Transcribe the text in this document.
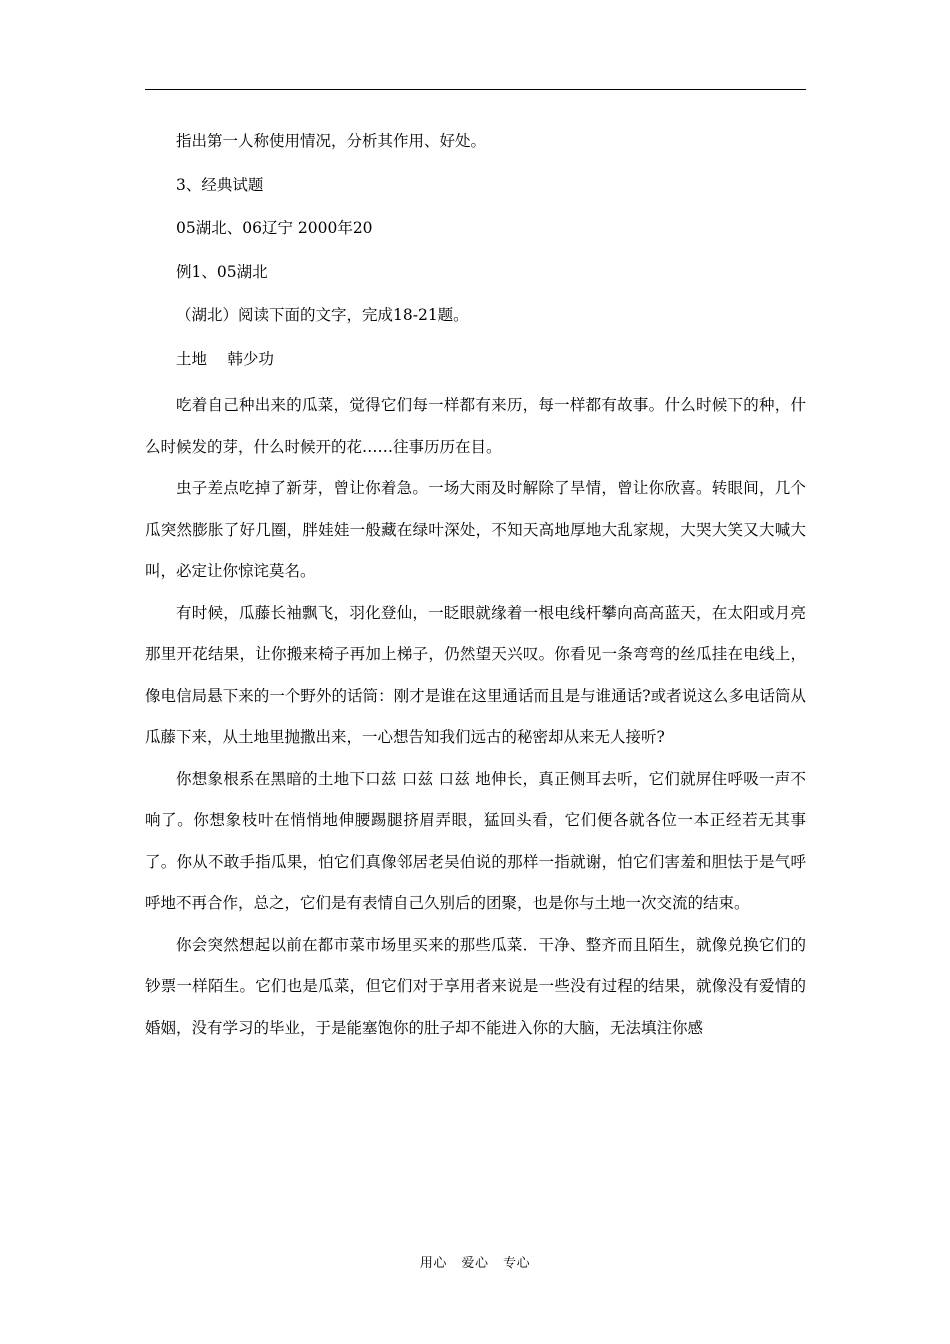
指出第一人称使用情况，分析其作用、好处。

3、经典试题

05湖北、06辽宁 2000年20

例1、05湖北

（湖北）阅读下面的文字，完成18-21题。

土地　 韩少功

吃着自己种出来的瓜菜，觉得它们每一样都有来历，每一样都有故事。什么时候下的种，什么时候发的芽，什么时候开的花……往事历历在目。

虫子差点吃掉了新芽，曾让你着急。一场大雨及时解除了旱情，曾让你欣喜。转眼间，几个瓜突然膨胀了好几圈，胖娃娃一般藏在绿叶深处，不知天高地厚地大乱家规，大哭大笑又大喊大叫，必定让你惊诧莫名。

有时候，瓜藤长袖飘飞，羽化登仙，一眨眼就缘着一根电线杆攀向高高蓝天，在太阳或月亮那里开花结果，让你搬来椅子再加上梯子，仍然望天兴叹。你看见一条弯弯的丝瓜挂在电线上，像电信局悬下来的一个野外的话筒：刚才是谁在这里通话而且是与谁通话?或者说这么多电话筒从瓜藤下来，从土地里抛撒出来，一心想告知我们远古的秘密却从来无人接听?

你想象根系在黑暗的土地下口兹 口兹 口兹 地伸长，真正侧耳去听，它们就屏住呼吸一声不响了。你想象枝叶在悄悄地伸腰踢腿挤眉弄眼，猛回头看，它们便各就各位一本正经若无其事了。你从不敢手指瓜果，怕它们真像邻居老吴伯说的那样一指就谢，怕它们害羞和胆怯于是气呼呼地不再合作，总之，它们是有表情自己久别后的团聚，也是你与土地一次交流的结束。

你会突然想起以前在都市菜市场里买来的那些瓜菜．干净、整齐而且陌生，就像兑换它们的钞票一样陌生。它们也是瓜菜，但它们对于享用者来说是一些没有过程的结果，就像没有爱情的婚姻，没有学习的毕业，于是能塞饱你的肚子却不能进入你的大脑，无法填注你感

用心 爱心 专心
